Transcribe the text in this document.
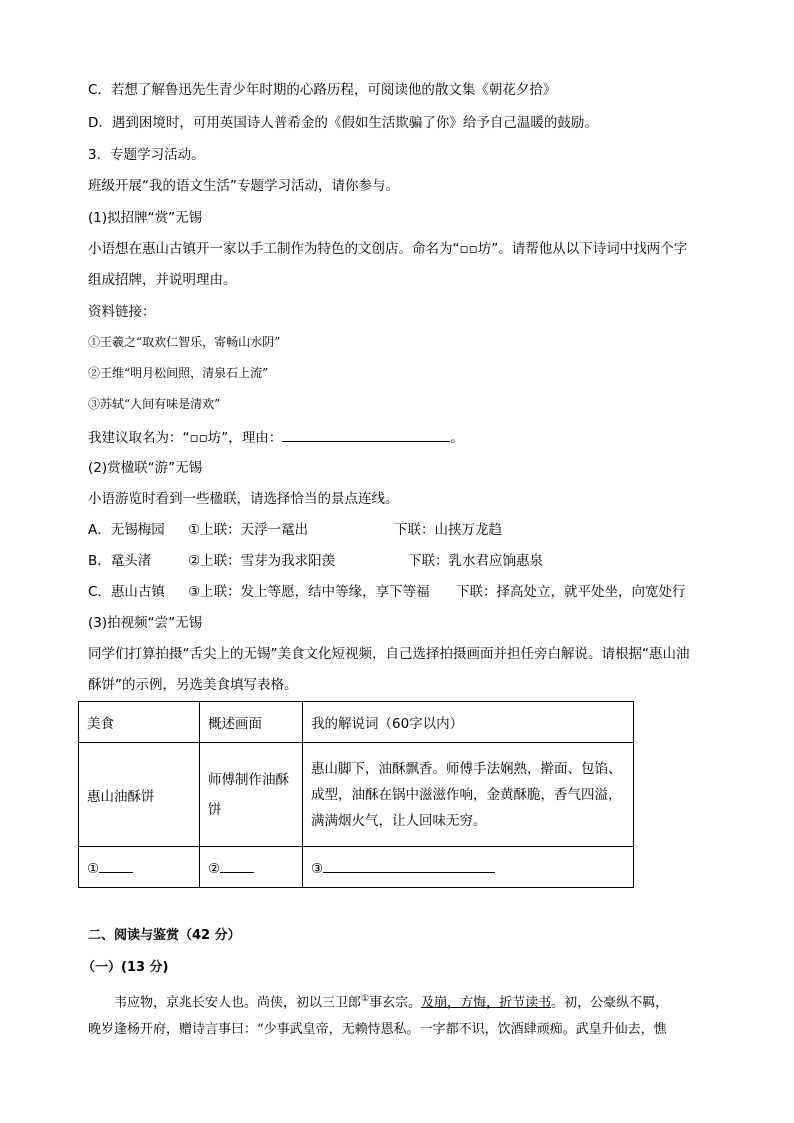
C．若想了解鲁迅先生青少年时期的心路历程，可阅读他的散文集《朝花夕拾》
D．遇到困境时，可用英国诗人普希金的《假如生活欺骗了你》给予自己温暖的鼓励。
3．专题学习活动。
班级开展“我的语文生活”专题学习活动，请你参与。
(1)拟招牌“赏”无锡
小语想在惠山古镇开一家以手工制作为特色的文创店。命名为“▫▫坊”。请帮他从以下诗词中找两个字
组成招牌，并说明理由。
资料链接：
①王羲之“取欢仁智乐，寄畅山水阴”
②王维“明月松间照，清泉石上流”
③苏轼“人间有味是清欢”
我建议取名为：“▫▫坊”，理由：	。
(2)赏楹联“游”无锡
小语游览时看到一些楹联，请选择恰当的景点连线。
A．无锡梅园 ①上联：天浮一鼋出	下联：山挟万龙趋
B．鼋头渚	②上联：雪芽为我求阳羡	下联：乳水君应饷惠泉
C．惠山古镇 ③上联：发上等愿，结中等缘，享下等福 下联：择高处立，就平处坐，向宽处行
(3)拍视频“尝”无锡
同学们打算拍摄“舌尖上的无锡”美食文化短视频，自己选择拍摄画面并担任旁白解说。请根据“惠山油
酥饼”的示例，另选美食填写表格。
美食	概述画面	我的解说词（60字以内）
惠山油酥饼	师傅制作油酥饼	惠山脚下，油酥飘香。师傅手法娴熟，擀面、包馅、成型，油酥在锅中滋滋作响，金黄酥脆，香气四溢，满满烟火气，让人回味无穷。
①	②	③
二、阅读与鉴赏（42 分）
（一）(13 分)
韦应物，京兆长安人也。尚侠，初以三卫郎①事玄宗。及崩，方悔，折节读书。初，公豪纵不羁，
晚岁逢杨开府，赠诗言事曰：“少事武皇帝，无赖恃恩私。一字都不识，饮酒肆顽痴。武皇升仙去，憔
